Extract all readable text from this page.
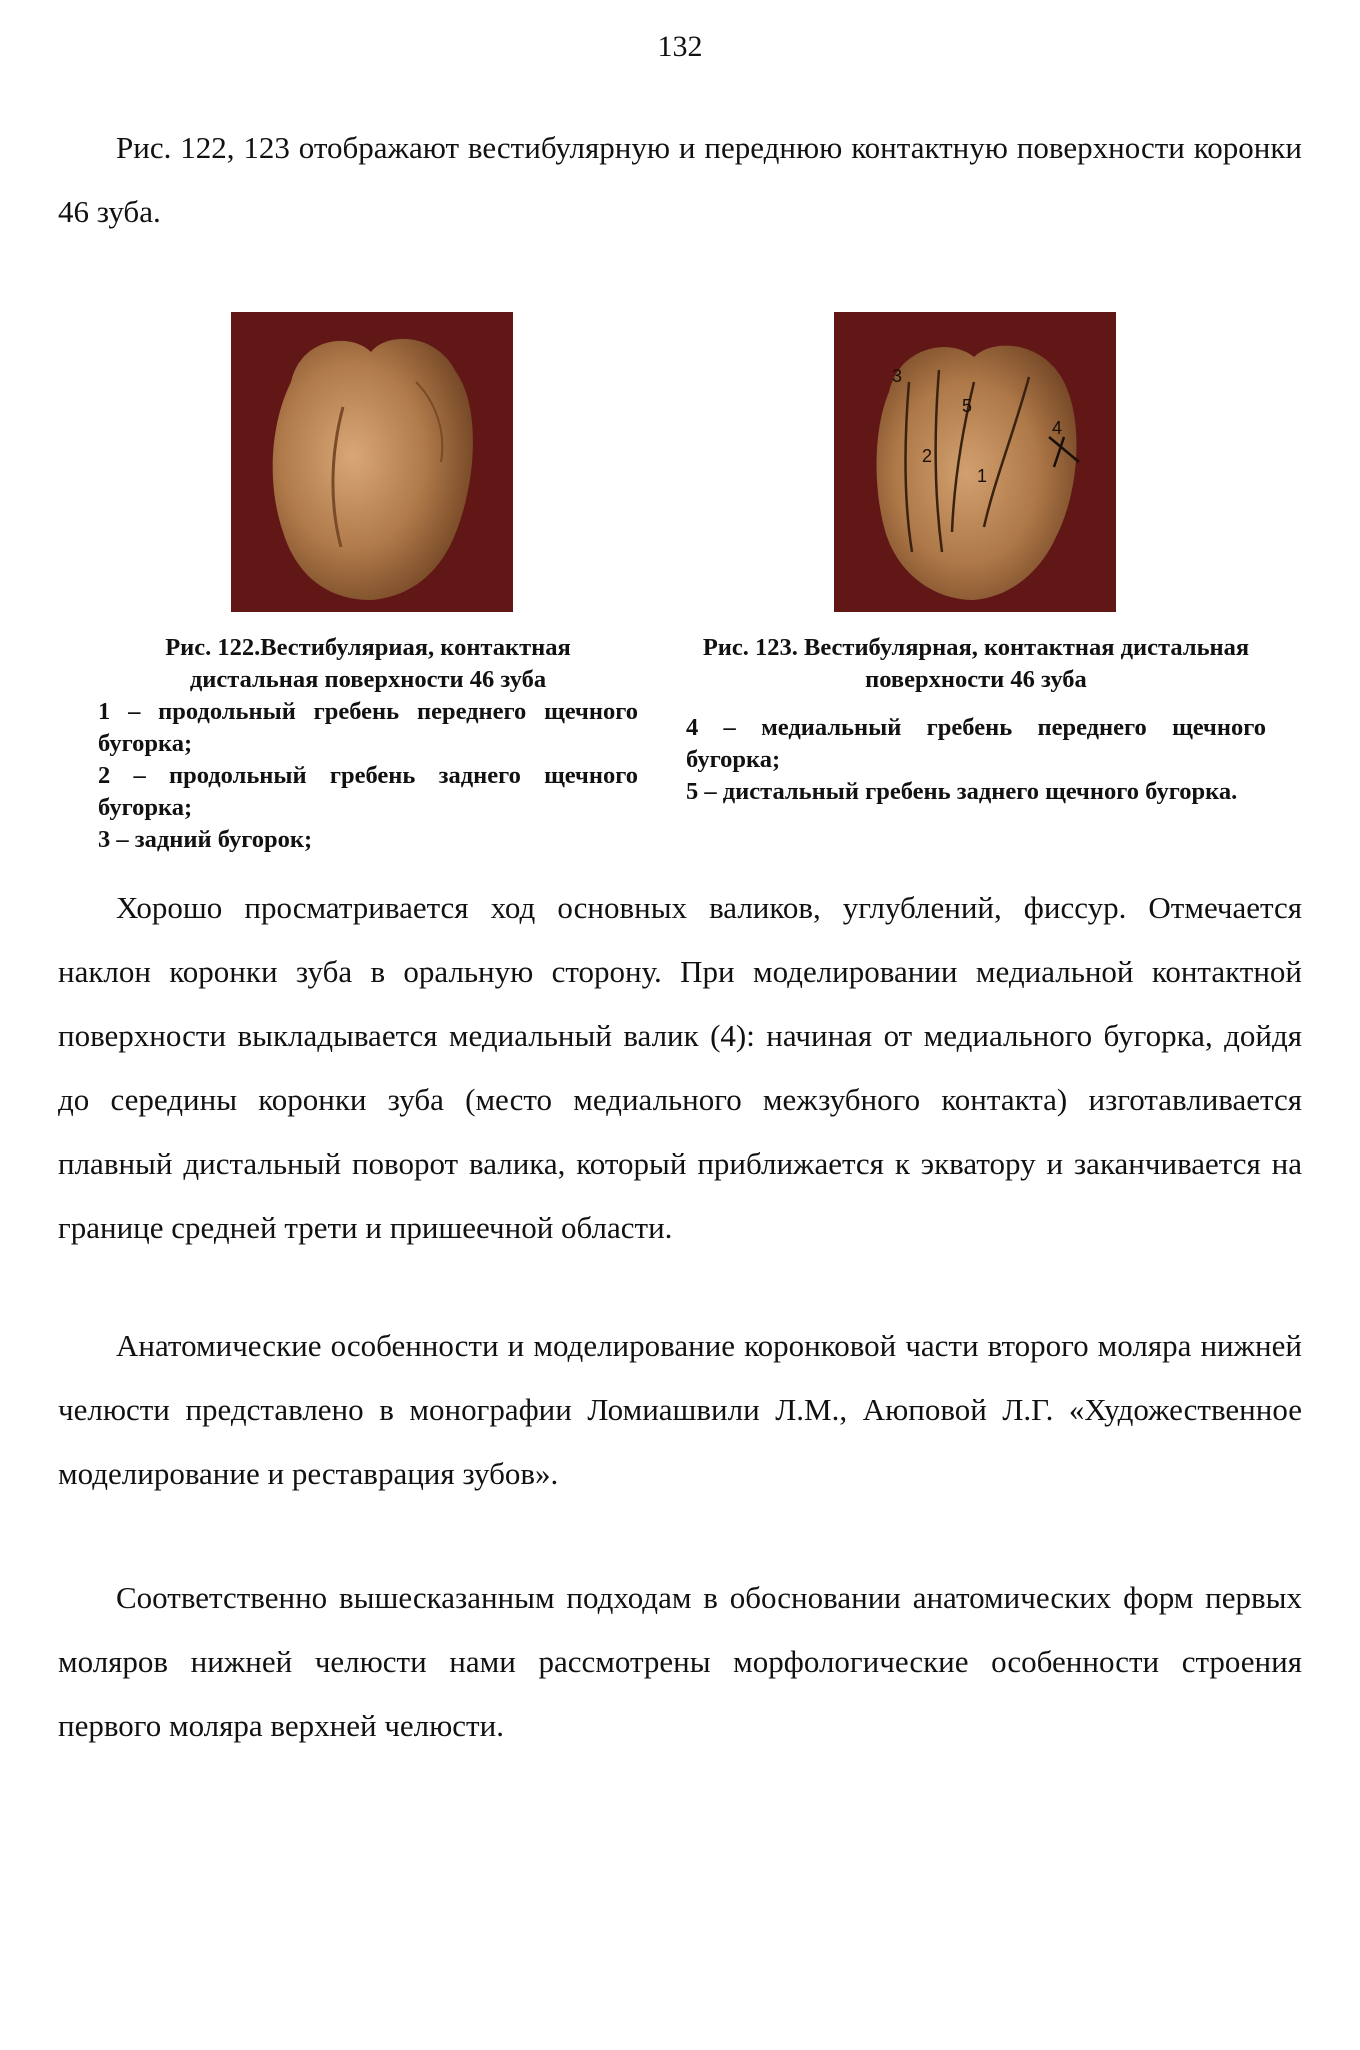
132

Рис. 122, 123 отображают вестибулярную и переднюю контактную поверхности коронки 46 зуба.

2
3
5
1
4

Рис. 122.Вестибуляриая, контактная дистальная поверхности 46 зуба

1 – продольный гребень переднего щечного бугорка;
2 – продольный гребень заднего щечного бугорка;
3 – задний бугорок;

Рис. 123. Вестибулярная, контактная дистальная поверхности 46 зуба

4 – медиальный гребень переднего щечного бугорка;
5 – дистальный гребень заднего щечного бугорка.

Хорошо просматривается ход основных валиков, углублений, фиссур. Отмечается наклон коронки зуба в оральную сторону. При моделировании медиальной контактной поверхности выкладывается медиальный валик (4): начиная от медиального бугорка, дойдя до середины коронки зуба (место медиального межзубного контакта) изготавливается плавный дистальный поворот валика, который приближается к экватору и заканчивается на границе средней трети и пришеечной области.

Анатомические особенности и моделирование коронковой части второго моляра нижней челюсти представлено в монографии Ломиашвили Л.М., Аюповой Л.Г. «Художественное моделирование и реставрация зубов».

Соответственно вышесказанным подходам в обосновании анатомических форм первых моляров нижней челюсти нами рассмотрены морфологические особенности строения первого моляра верхней челюсти.
